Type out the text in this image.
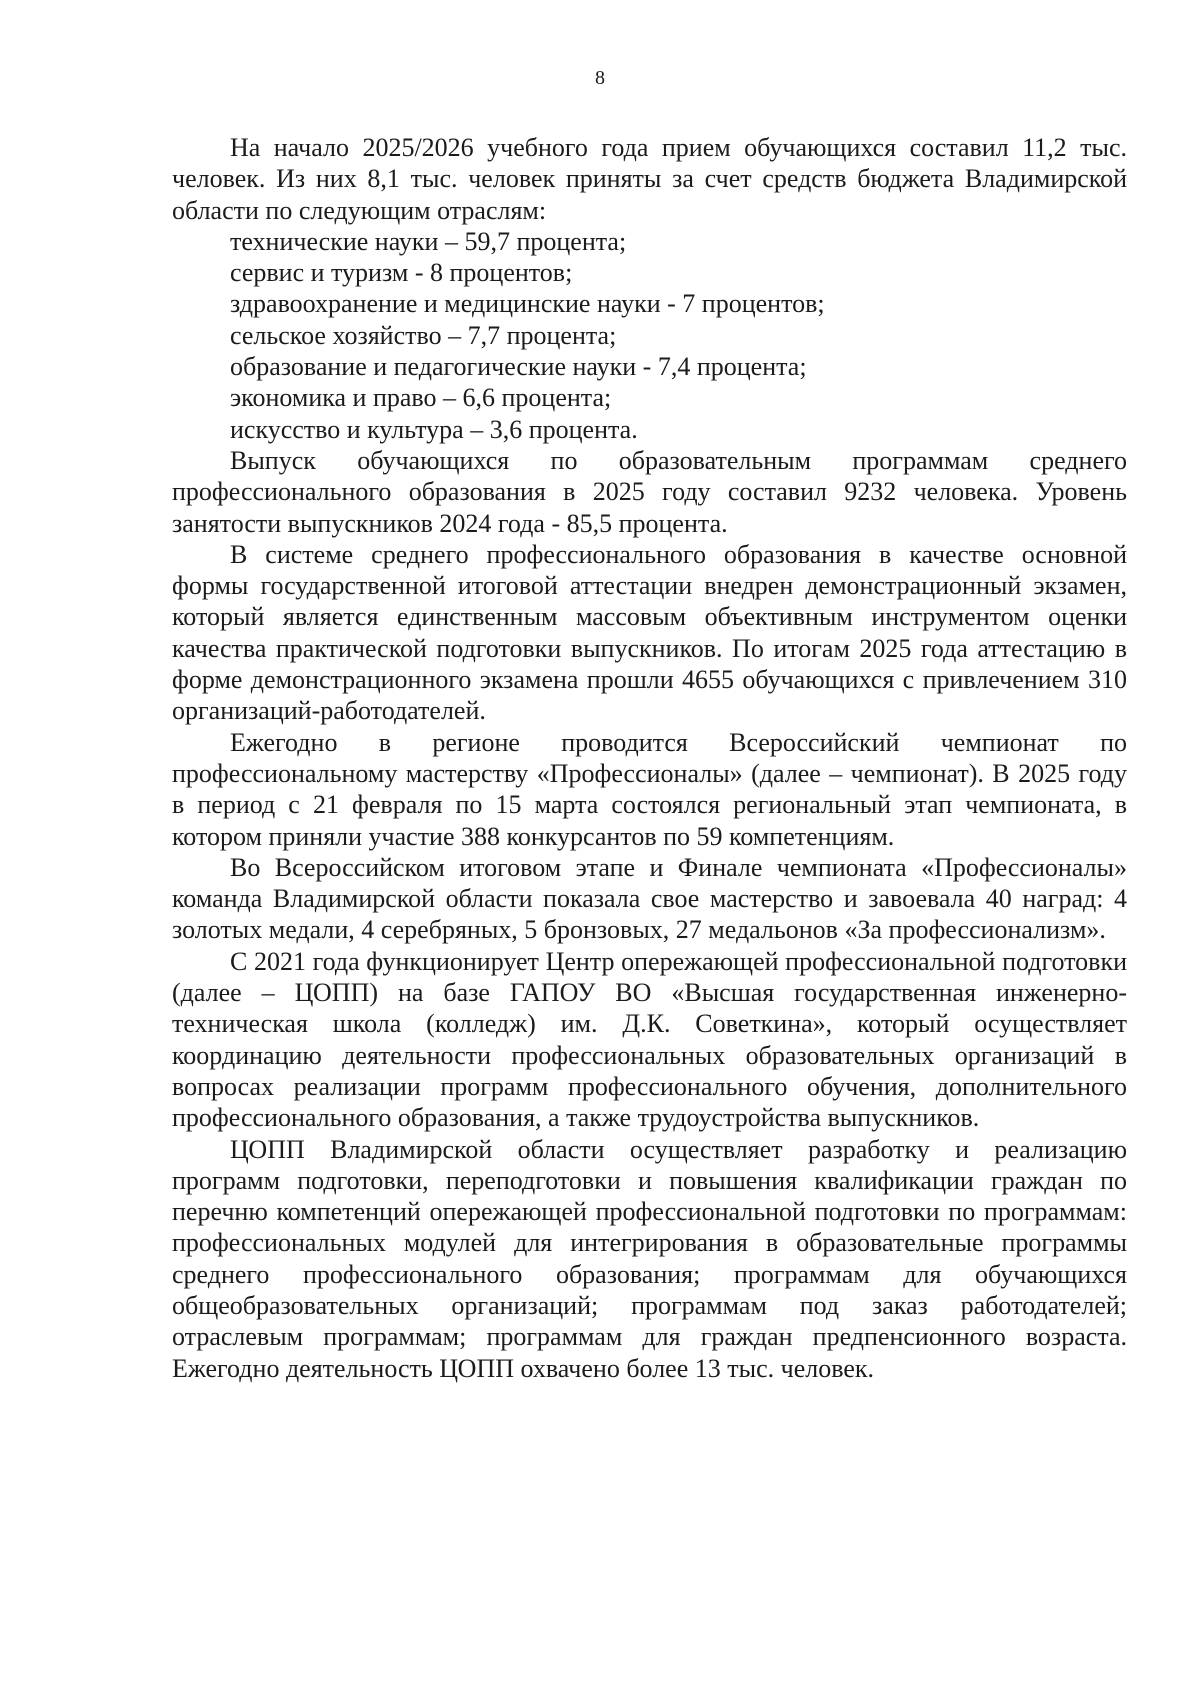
8

На начало 2025/2026 учебного года прием обучающихся составил 11,2 тыс. человек. Из них 8,1 тыс. человек приняты за счет средств бюджета Владимирской области по следующим отраслям:

технические науки – 59,7 процента;
сервис и туризм - 8 процентов;
здравоохранение и медицинские науки - 7 процентов;
сельское хозяйство – 7,7 процента;
образование и педагогические науки - 7,4 процента;
экономика и право – 6,6 процента;
искусство и культура – 3,6 процента.

Выпуск обучающихся по образовательным программам среднего профессионального образования в 2025 году составил 9232 человека. Уровень занятости выпускников 2024 года - 85,5 процента.

В системе среднего профессионального образования в качестве основной формы государственной итоговой аттестации внедрен демонстрационный экзамен, который является единственным массовым объективным инструментом оценки качества практической подготовки выпускников. По итогам 2025 года аттестацию в форме демонстрационного экзамена прошли 4655 обучающихся с привлечением 310 организаций-работодателей.

Ежегодно в регионе проводится Всероссийский чемпионат по профессиональному мастерству «Профессионалы» (далее – чемпионат). В 2025 году в период с 21 февраля по 15 марта состоялся региональный этап чемпионата, в котором приняли участие 388 конкурсантов по 59 компетенциям.

Во Всероссийском итоговом этапе и Финале чемпионата «Профессионалы» команда Владимирской области показала свое мастерство и завоевала 40 наград: 4 золотых медали, 4 серебряных, 5 бронзовых, 27 медальонов «За профессионализм».

С 2021 года функционирует Центр опережающей профессиональной подготовки (далее – ЦОПП) на базе ГАПОУ ВО «Высшая государственная инженерно-техническая школа (колледж) им. Д.К. Советкина», который осуществляет координацию деятельности профессиональных образовательных организаций в вопросах реализации программ профессионального обучения, дополнительного профессионального образования, а также трудоустройства выпускников.

ЦОПП Владимирской области осуществляет разработку и реализацию программ подготовки, переподготовки и повышения квалификации граждан по перечню компетенций опережающей профессиональной подготовки по программам: профессиональных модулей для интегрирования в образовательные программы среднего профессионального образования; программам для обучающихся общеобразовательных организаций; программам под заказ работодателей; отраслевым программам; программам для граждан предпенсионного возраста. Ежегодно деятельность ЦОПП охвачено более 13 тыс. человек.
